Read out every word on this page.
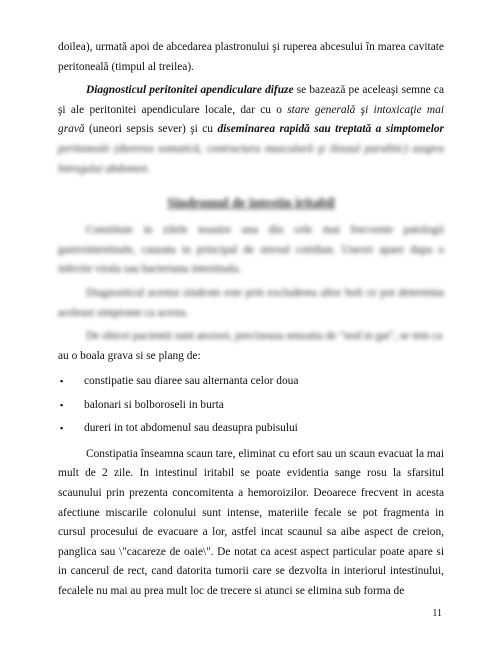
doilea), urmată apoi de abcedarea plastronului şi ruperea abcesului în marea cavitate peritoneală (timpul al treilea).

Diagnosticul peritonitei apendiculare difuze se bazează pe aceleaşi semne ca şi ale peritonitei apendiculare locale, dar cu o stare generală şi intoxicaţie mai gravă (uneori sepsis sever) şi cu diseminarea rapidă sau treptată a simptomelor peritoneale (durerea somatică, contractura musculară şi ileusul paralitic) asupra întregului abdomen.

Sindromul de intestin iritabil

Constituie in zilele noastre una din cele mai frecvente patologii gastrointestinale, cauzata in principal de stresul cotidian. Uneori apare dupa o infectie virala sau bacteriana intestinala.

Diagnosticul acestui sindrom este prin excluderea altor boli ce pot determina aceleasi simptome ca acesta.

De obicei pacientii sunt anxiosi, precizeaza senzatia de "nod in gat", se tem ca

au o boala grava si se plang de:

▪ constipatie sau diaree sau alternanta celor doua
▪ balonari si bolboroseli in burta
▪ dureri in tot abdomenul sau deasupra pubisului

Constipatia înseamna scaun tare, eliminat cu efort sau un scaun evacuat la mai mult de 2 zile. In intestinul iritabil se poate evidentia sange rosu la sfarsitul scaunului prin prezenta concomitenta a hemoroizilor. Deoarece frecvent in acesta afectiune miscarile colonului sunt intense, materiile fecale se pot fragmenta in cursul procesului de evacuare a lor, astfel incat scaunul sa aibe aspect de creion, panglica sau \"cacareze de oaie\". De notat ca acest aspect particular poate apare si in cancerul de rect, cand datorita tumorii care se dezvolta in interiorul intestinului, fecalele nu mai au prea mult loc de trecere si atunci se elimina sub forma de

11
